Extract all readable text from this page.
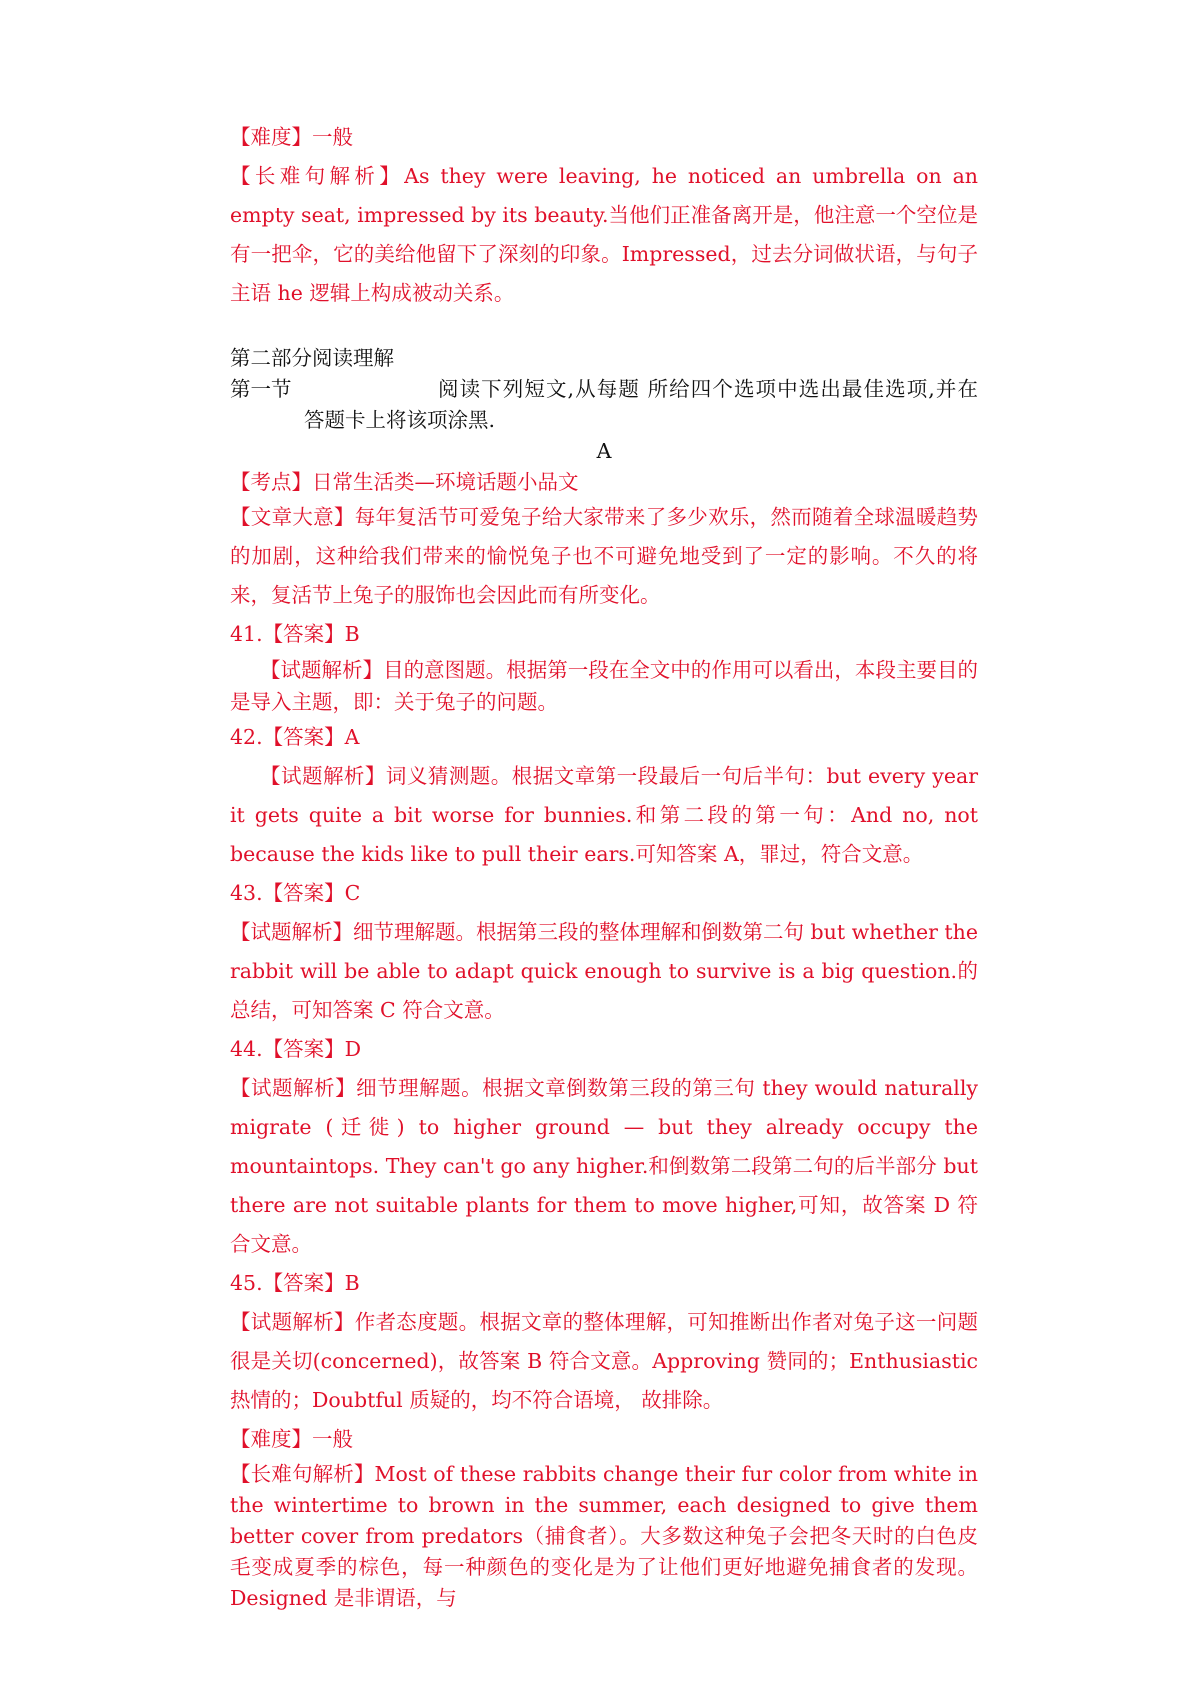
【难度】一般

【长难句解析】As they were leaving, he noticed an umbrella on an empty seat, impressed by its beauty.当他们正准备离开是，他注意一个空位是有一把伞，它的美给他留下了深刻的印象。Impressed，过去分词做状语，与句子主语 he 逻辑上构成被动关系。

第二部分阅读理解

第一节	阅读下列短文,从每题 所给四个选项中选出最佳选项,并在
答题卡上将该项涂黑.
A

【考点】日常生活类—环境话题小品文

【文章大意】每年复活节可爱兔子给大家带来了多少欢乐，然而随着全球温暖趋势的加剧，这种给我们带来的愉悦兔子也不可避免地受到了一定的影响。不久的将来，复活节上兔子的服饰也会因此而有所变化。

41.【答案】B

【试题解析】目的意图题。根据第一段在全文中的作用可以看出，本段主要目的是导入主题，即：关于兔子的问题。

42.【答案】A

【试题解析】词义猜测题。根据文章第一段最后一句后半句：but every year it gets quite a bit worse for bunnies.和第二段的第一句：And no, not because the kids like to pull their ears.可知答案 A，罪过，符合文意。

43.【答案】C

【试题解析】细节理解题。根据第三段的整体理解和倒数第二句 but whether the rabbit will be able to adapt quick enough to survive is a big question.的总结，可知答案 C 符合文意。

44.【答案】D

【试题解析】细节理解题。根据文章倒数第三段的第三句 they would naturally migrate (迁徙) to higher ground — but they already occupy the mountaintops. They can't go any higher.和倒数第二段第二句的后半部分 but there are not suitable plants for them to move higher,可知，故答案 D 符合文意。

45.【答案】B

【试题解析】作者态度题。根据文章的整体理解，可知推断出作者对兔子这一问题很是关切(concerned)，故答案 B 符合文意。Approving 赞同的；Enthusiastic 热情的；Doubtful 质疑的，均不符合语境， 故排除。

【难度】一般

【长难句解析】Most of these rabbits change their fur color from white in the wintertime to brown in the summer, each designed to give them better cover from predators（捕食者）。大多数这种兔子会把冬天时的白色皮毛变成夏季的棕色，每一种颜色的变化是为了让他们更好地避免捕食者的发现。Designed 是非谓语，与
